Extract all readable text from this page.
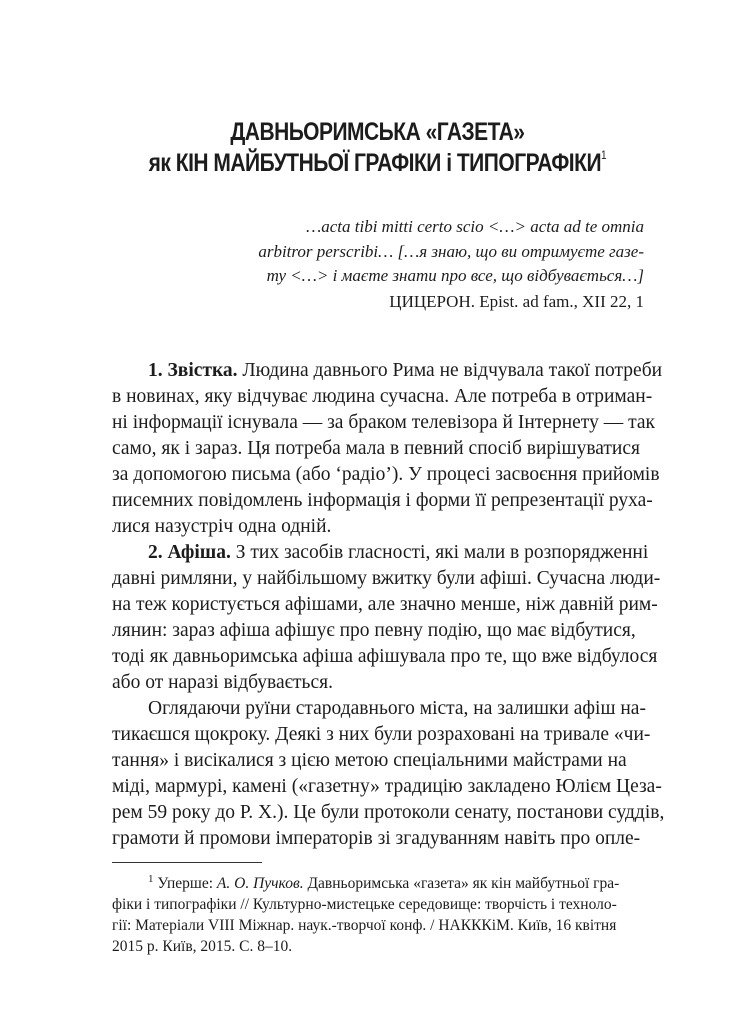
ДАВНЬОРИМСЬКА «ГАЗЕТА»
як КІН МАЙБУТНЬОЇ ГРАФІКИ і ТИПОГРАФІКИ$^1$
…acta tibi mitti certo scio <…> acta ad te omnia
arbitror perscribi… […я знаю, що ви отримуєте газе-
ту <…> і маєте знати про все, що відбувається…]
ЦИЦЕРОН. Epist. ad fam., XII 22, 1
1. Звістка. Людина давнього Рима не відчувала такої потреби
в новинах, яку відчуває людина сучасна. Але потреба в отриман-
ні інформації існувала — за браком телевізора й Інтернету — так
само, як і зараз. Ця потреба мала в певний спосіб вирішуватися
за допомогою письма (або ‘радіо’). У процесі засвоєння прийомів
писемних повідомлень інформація і форми її репрезентації руха-
лися назустріч одна одній.
2. Афіша. З тих засобів гласності, які мали в розпорядженні
давні римляни, у найбільшому вжитку були афіші. Сучасна люди-
на теж користується афішами, але значно менше, ніж давній рим-
лянин: зараз афіша афішує про певну подію, що має відбутися,
тоді як давньоримська афіша афішувала про те, що вже відбулося
або от наразі відбувається.
Оглядаючи руїни стародавнього міста, на залишки афіш на-
тикаєшся щокроку. Деякі з них були розраховані на тривале «чи-
тання» і висікалися з цією метою спеціальними майстрами на
міді, мармурі, камені («газетну» традицію закладено Юлієм Цеза-
рем 59 року до Р. Х.). Це були протоколи сенату, постанови суддів,
грамоти й промови імператорів зі згадуванням навіть про опле-
$^1$ Уперше: А. О. Пучков. Давньоримська «газета» як кін майбутньої гра-
фіки і типографіки // Культурно-мистецьке середовище: творчість і техноло-
гії: Матеріали VIII Міжнар. наук.-творчої конф. / НАКККіМ. Київ, 16 квітня
2015 р. Київ, 2015. С. 8–10.
